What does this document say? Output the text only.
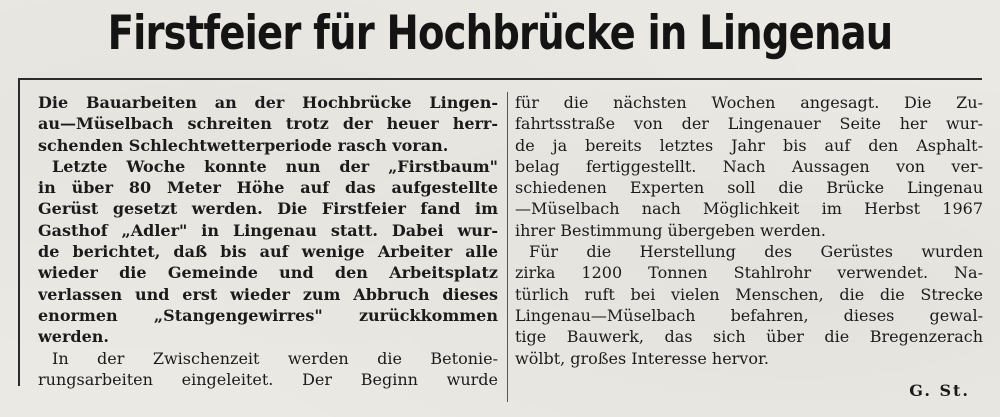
Firstfeier für Hochbrücke in Lingenau
Die Bauarbeiten an der Hochbrücke Lingen-
au—Müselbach schreiten trotz der heuer herr-
schenden Schlechtwetterperiode rasch voran.
Letzte Woche konnte nun der „Firstbaum"
in über 80 Meter Höhe auf das aufgestellte
Gerüst gesetzt werden. Die Firstfeier fand im
Gasthof „Adler" in Lingenau statt. Dabei wur-
de berichtet, daß bis auf wenige Arbeiter alle
wieder die Gemeinde und den Arbeitsplatz
verlassen und erst wieder zum Abbruch dieses
enormen „Stangengewirres" zurückkommen
werden.
In der Zwischenzeit werden die Betonie-
rungsarbeiten eingeleitet. Der Beginn wurde
für die nächsten Wochen angesagt. Die Zu-
fahrtsstraße von der Lingenauer Seite her wur-
de ja bereits letztes Jahr bis auf den Asphalt-
belag fertiggestellt. Nach Aussagen von ver-
schiedenen Experten soll die Brücke Lingenau
—Müselbach nach Möglichkeit im Herbst 1967
ihrer Bestimmung übergeben werden.
Für die Herstellung des Gerüstes wurden
zirka 1200 Tonnen Stahlrohr verwendet. Na-
türlich ruft bei vielen Menschen, die die Strecke
Lingenau—Müselbach befahren, dieses gewal-
tige Bauwerk, das sich über die Bregenzerach
wölbt, großes Interesse hervor.
G. St.
